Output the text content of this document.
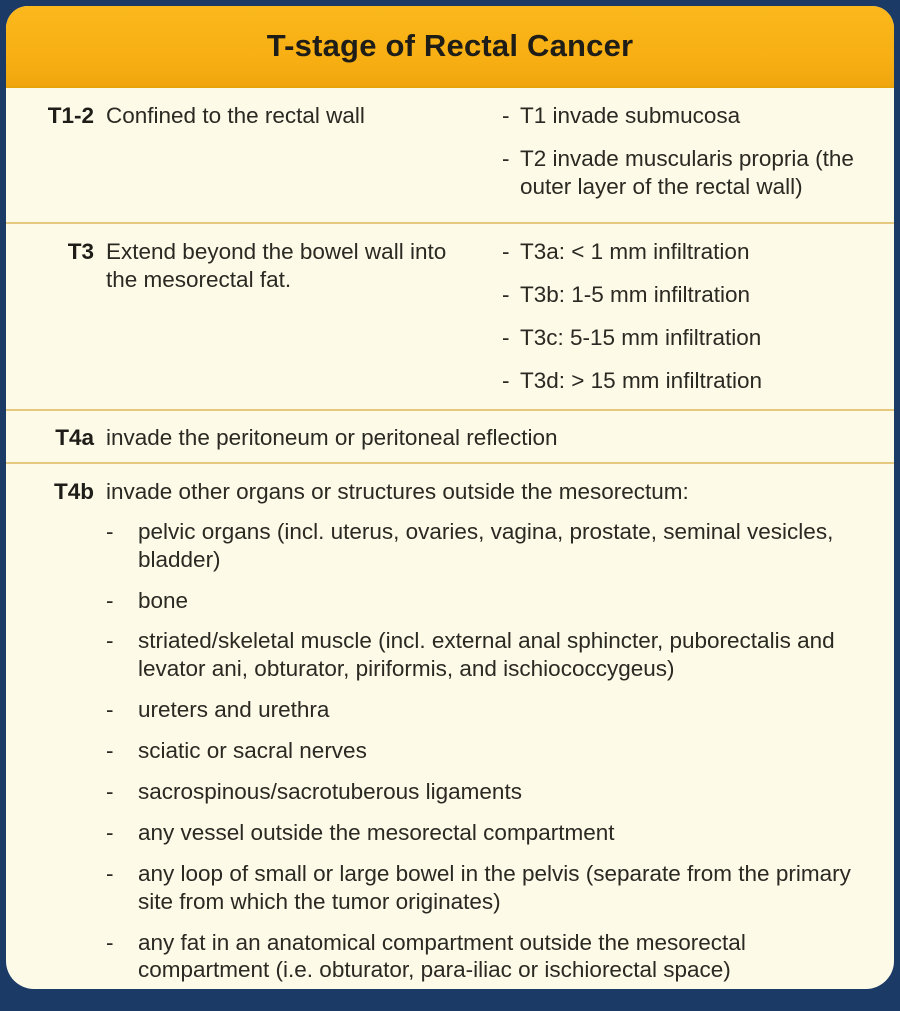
T-stage of Rectal Cancer
T1-2 Confined to the rectal wall	- T1 invade submucosa
- T2 invade muscularis propria (the outer layer of the rectal wall)
T3 Extend beyond the bowel wall into the mesorectal fat.
- T3a: < 1 mm infiltration
- T3b: 1-5 mm infiltration
- T3c: 5-15 mm infiltration
- T3d: > 15 mm infiltration
T4a invade the peritoneum or peritoneal reflection
T4b invade other organs or structures outside the mesorectum:
-	pelvic organs (incl. uterus, ovaries, vagina, prostate, seminal vesicles, bladder)
-	bone
-	striated/skeletal muscle (incl. external anal sphincter, puborectalis and levator ani, obturator, piriformis, and ischiococcygeus)
-	ureters and urethra
-	sciatic or sacral nerves
-	sacrospinous/sacrotuberous ligaments
-	any vessel outside the mesorectal compartment
-	any loop of small or large bowel in the pelvis (separate from the primary site from which the tumor originates)
-	any fat in an anatomical compartment outside the mesorectal compartment (i.e. obturator, para-iliac or ischiorectal space)
